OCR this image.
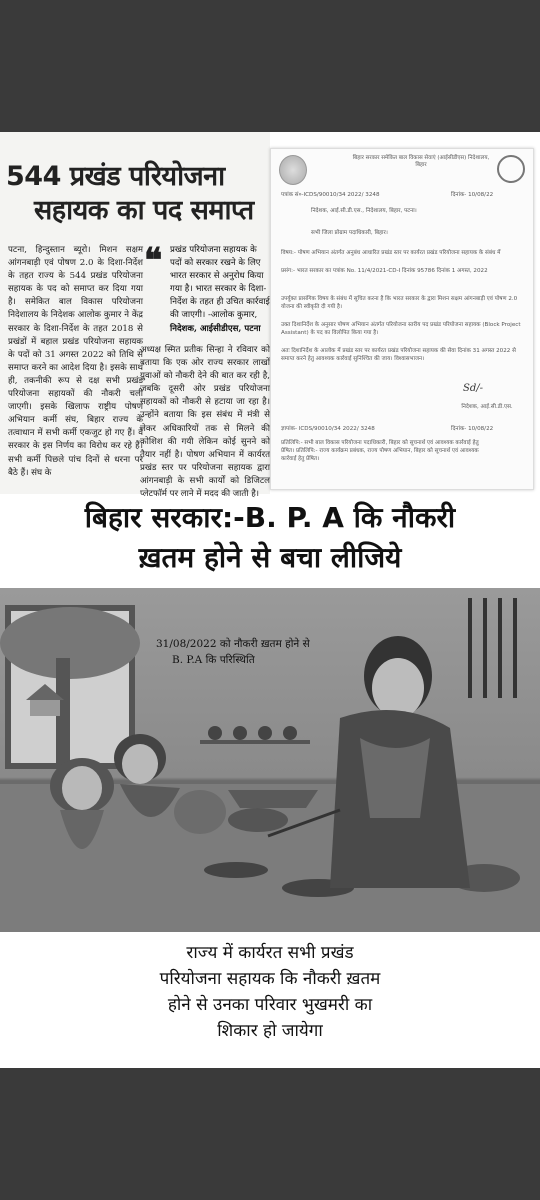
544 प्रखंड परियोजना
सहायक का पद समाप्त
पटना, हिन्दुस्तान ब्यूरो। मिशन सक्षम आंगनबाड़ी एवं पोषण 2.0 के दिशा-निर्देश के तहत राज्य के 544 प्रखंड परियोजना सहायक के पद को समाप्त कर दिया गया है। समेकित बाल विकास परियोजना निदेशालय के निदेशक आलोक कुमार ने केंद्र सरकार के दिशा-निर्देश के तहत 2018 से प्रखंडों में बहाल प्रखंड परियोजना सहायक के पदों को 31 अगस्त 2022 को तिथि से समाप्त करने का आदेश दिया है। इसके साथ ही, तकनीकी रूप से दक्ष सभी प्रखंड परियोजना सहायकों की नौकरी चली जाएगी। इसके खिलाफ राष्ट्रीय पोषण अभियान कर्मी संघ, बिहार राज्य के तत्वाधान में सभी कर्मी एकजुट हो गए हैं। वे सरकार के इस निर्णय का विरोध कर रहे हैं। सभी कर्मी पिछले पांच दिनों से धरना पर बैठे हैं। संघ के
❝ प्रखंड परियोजना सहायक के पदों को सरकार रखने के लिए भारत सरकार से अनुरोध किया गया है। भारत सरकार के दिशा-निर्देश के तहत ही उचित कार्रवाई की जाएगी। -आलोक कुमार,
निदेशक, आईसीडीएस, पटना
अध्यक्ष स्मित प्रतीक सिन्हा ने रविवार को बताया कि एक ओर राज्य सरकार लाखों युवाओं को नौकरी देने की बात कर रही है, जबकि दूसरी ओर प्रखंड परियोजना सहायकों को नौकरी से हटाया जा रहा है। उन्होंने बताया कि इस संबंध में मंत्री से लेकर अधिकारियों तक से मिलने की कोशिश की गयी लेकिन कोई सुनने को तैयार नहीं है। पोषण अभियान में कार्यरत प्रखंड स्तर पर परियोजना सहायक द्वारा आंगनबाड़ी के सभी कार्यों को डिजिटल प्लेटफॉर्म पर लाने में मदद की जाती है।
बिहार सरकार समेकित बाल विकास सेवाएं (आईसीडीएस) निदेशालय, बिहार
पत्रांक सं०-ICDS/90010/34 2022/ 3248	दिनांक- 10/08/22
निदेशक, आई.सी.डी.एस., निदेशालय, बिहार, पटना।
सभी जिला प्रोग्राम पदाधिकारी, बिहार।
विषय:- पोषण अभियान अंतर्गत अनुबंध आधारित प्रखंड स्तर पर कार्यरत प्रखंड परियोजना सहायक के संबंध में
प्रसंग:- भारत सरकार का पत्रांक No. 11/4/2021-CD-I दिनांक 95786 दिनांक 1 अगस्त, 2022
उपर्युक्त प्रासंगिक विषय के संबंध में सूचित करना है कि भारत सरकार के द्वारा मिशन सक्षम आंगनबाड़ी एवं पोषण 2.0 योजना की स्वीकृति दी गयी है।
उक्त दिशानिर्देश के अनुसार पोषण अभियान अंतर्गत परियोजना स्तरीय पद प्रखंड परियोजना सहायक (Block Project Assistant) के पद का विलोपित किया गया है।
अतः दिशानिर्देश के आलोक में प्रखंड स्तर पर कार्यरत प्रखंड परियोजना सहायक की सेवा दिनांक 31 अगस्त 2022 से समाप्त करने हेतु आवश्यक कार्रवाई सुनिश्चित की जाय। विश्वासभाजन।
Sd/-
निदेशक, आई.सी.डी.एस.
ज्ञापांक- ICDS/90010/34 2022/ 3248	दिनांक- 10/08/22
प्रतिलिपि:- सभी बाल विकास परियोजना पदाधिकारी, बिहार को सूचनार्थ एवं आवश्यक कार्रवाई हेतु प्रेषित। प्रतिलिपि:- राज्य कार्यक्रम प्रबंधक, राज्य पोषण अभियान, बिहार को सूचनार्थ एवं आवश्यक कार्रवाई हेतु प्रेषित।
बिहार सरकार:-B. P. A कि नौकरी
ख़तम होने से बचा लीजिये
31/08/2022 को नौकरी ख़तम होने से
B. P.A कि परिस्थिति
राज्य में कार्यरत सभी प्रखंड
परियोजना सहायक कि नौकरी ख़तम
होने से उनका परिवार भुखमरी का
शिकार हो जायेगा
